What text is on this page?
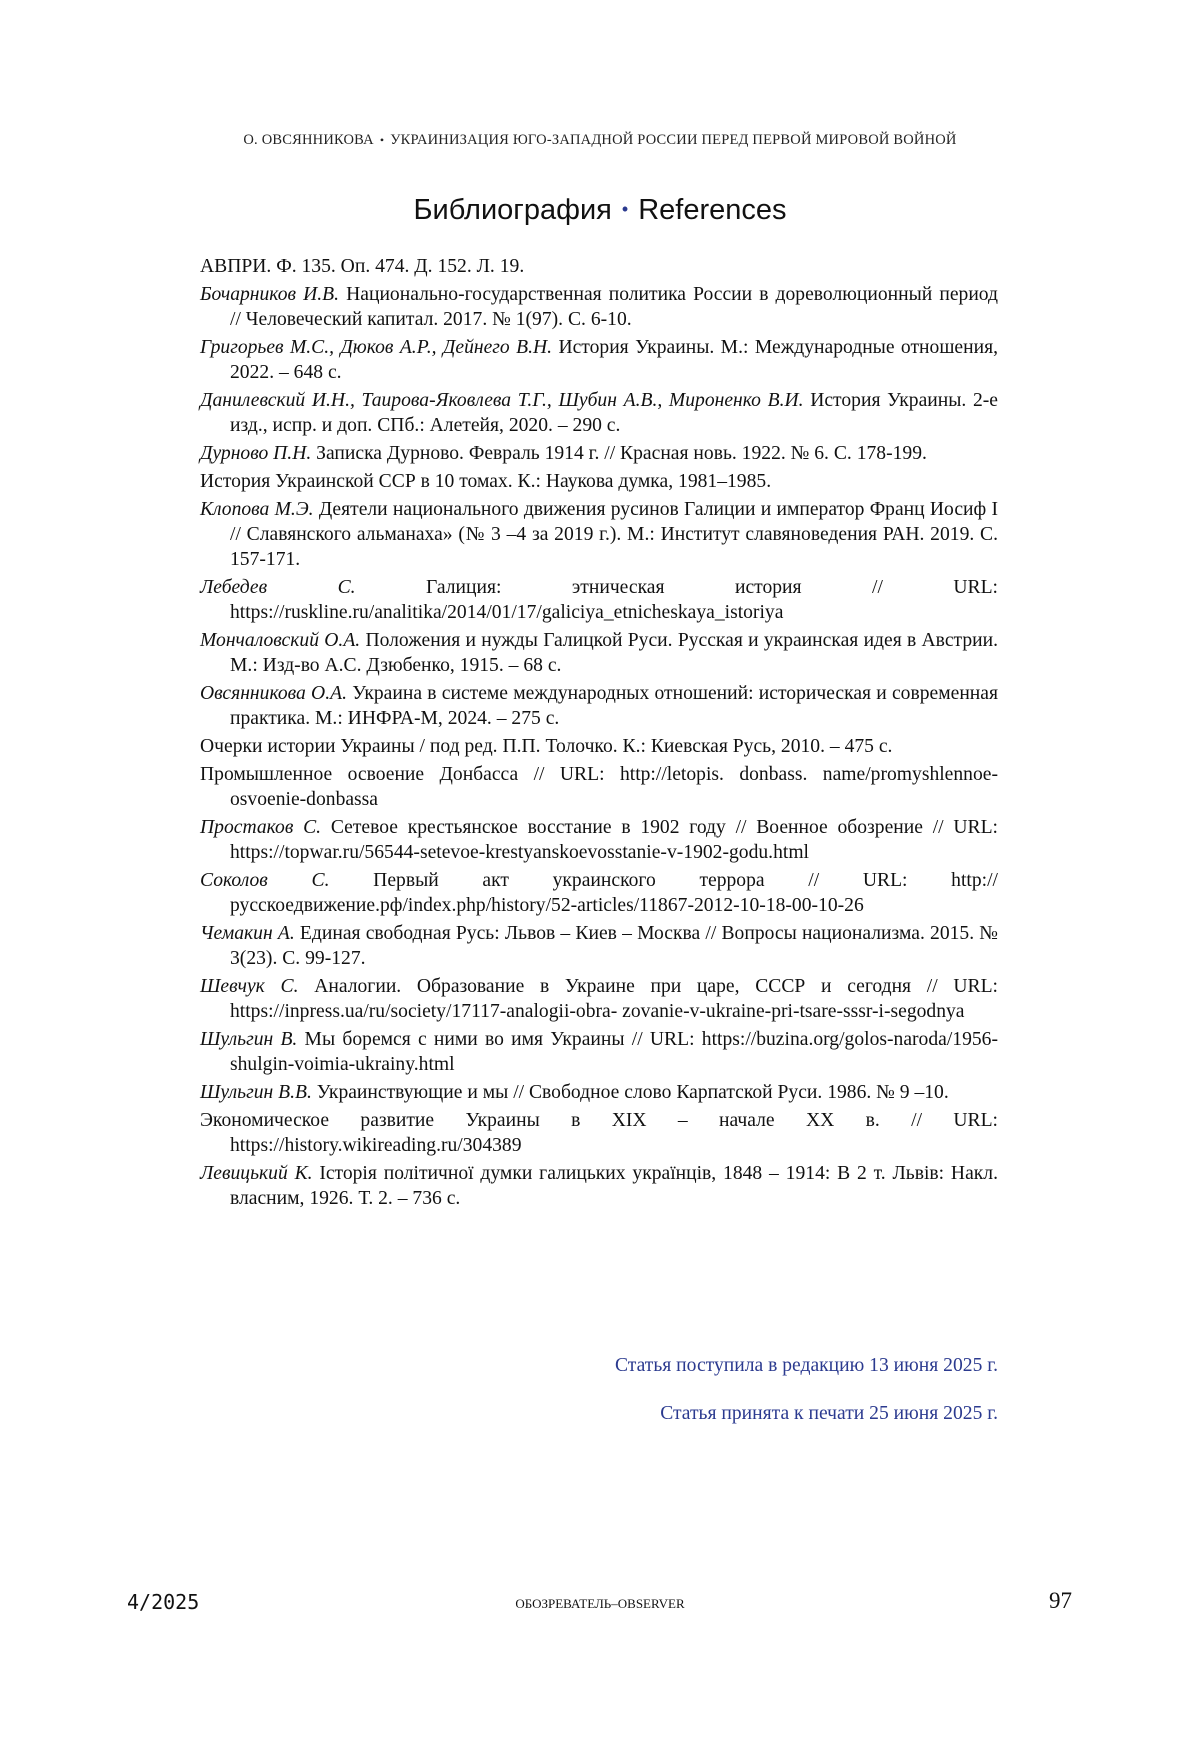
О. ОВСЯННИКОВА • УКРАИНИЗАЦИЯ ЮГО-ЗАПАДНОЙ РОССИИ ПЕРЕД ПЕРВОЙ МИРОВОЙ ВОЙНОЙ
Библиография • References
АВПРИ. Ф. 135. Оп. 474. Д. 152. Л. 19.
Бочарников И.В. Национально-государственная политика России в дореволюционный период // Человеческий капитал. 2017. № 1(97). С. 6-10.
Григорьев М.С., Дюков А.Р., Дейнего В.Н. История Украины. М.: Международные отношения, 2022. – 648 с.
Данилевский И.Н., Таирова-Яковлева Т.Г., Шубин А.В., Мироненко В.И. История Украины. 2-е изд., испр. и доп. СПб.: Алетейя, 2020. – 290 с.
Дурново П.Н. Записка Дурново. Февраль 1914 г. // Красная новь. 1922. № 6. С. 178-199.
История Украинской ССР в 10 томах. К.: Наукова думка, 1981–1985.
Клопова М.Э. Деятели национального движения русинов Галиции и император Франц Иосиф I // Славянского альманаха» (№ 3 –4 за 2019 г.). М.: Институт славяноведения РАН. 2019. С. 157-171.
Лебедев С. Галиция: этническая история // URL: https://ruskline.ru/analitika/2014/01/17/galiciya_etnicheskaya_istoriya
Мончаловский О.А. Положения и нужды Галицкой Руси. Русская и украинская идея в Австрии. М.: Изд-во А.С. Дзюбенко, 1915. – 68 с.
Овсянникова О.А. Украина в системе международных отношений: историческая и современная практика. М.: ИНФРА-М, 2024. – 275 с.
Очерки истории Украины / под ред. П.П. Толочко. К.: Киевская Русь, 2010. – 475 с.
Промышленное освоение Донбасса // URL: http://letopis. donbass. name/promyshlennoe-osvoenie-donbassa
Простаков С. Сетевое крестьянское восстание в 1902 году // Военное обозрение // URL: https://topwar.ru/56544-setevoe-krestyanskoevosstanie-v-1902-godu.html
Соколов С. Первый акт украинского террора // URL: http://русскоедвижение.рф/index.php/history/52-articles/11867-2012-10-18-00-10-26
Чемакин А. Единая свободная Русь: Львов – Киев – Москва // Вопросы национализма. 2015. № 3(23). С. 99-127.
Шевчук С. Аналогии. Образование в Украине при царе, СССР и сегодня // URL: https://inpress.ua/ru/society/17117-analogii-obra- zovanie-v-ukraine-pri-tsare-sssr-i-segodnya
Шульгин В. Мы боремся с ними во имя Украины // URL: https://buzina.org/golos-naroda/1956-shulgin-voimia-ukrainy.html
Шульгин В.В. Украинствующие и мы // Свободное слово Карпатской Руси. 1986. № 9 –10.
Экономическое развитие Украины в XIX – начале XX в. // URL: https://history.wikireading.ru/304389
Левицький К. Історія політичної думки галицьких українців, 1848 – 1914: В 2 т. Львів: Накл. власним, 1926. Т. 2. – 736 с.
Статья поступила в редакцию 13 июня 2025 г.
Статья принята к печати 25 июня 2025 г.
4/2025	ОБОЗРЕВАТЕЛЬ–OBSERVER	97
